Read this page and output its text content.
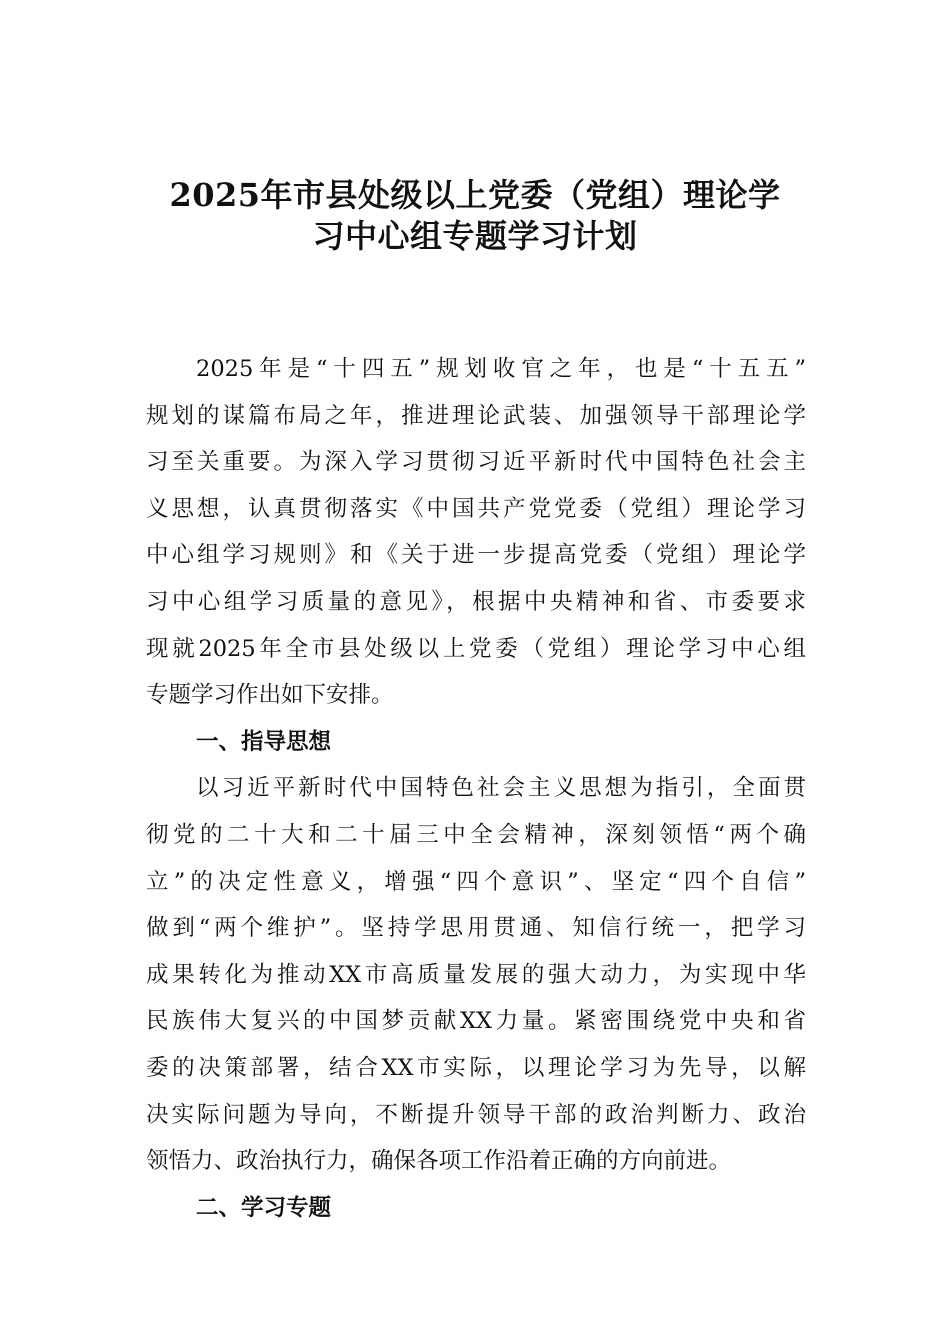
2025年市县处级以上党委（党组）理论学
习中心组专题学习计划
2025年是“十四五”规划收官之年，也是“十五五”
规划的谋篇布局之年，推进理论武装、加强领导干部理论学
习至关重要。为深入学习贯彻习近平新时代中国特色社会主
义思想，认真贯彻落实《中国共产党党委（党组）理论学习
中心组学习规则》和《关于进一步提高党委（党组）理论学
习中心组学习质量的意见》，根据中央精神和省、市委要求
现就2025年全市县处级以上党委（党组）理论学习中心组
专题学习作出如下安排。
一、指导思想
以习近平新时代中国特色社会主义思想为指引，全面贯
彻党的二十大和二十届三中全会精神，深刻领悟“两个确
立”的决定性意义，增强“四个意识”、坚定“四个自信”
做到“两个维护”。坚持学思用贯通、知信行统一，把学习
成果转化为推动XX市高质量发展的强大动力，为实现中华
民族伟大复兴的中国梦贡献XX力量。紧密围绕党中央和省
委的决策部署，结合XX市实际，以理论学习为先导，以解
决实际问题为导向，不断提升领导干部的政治判断力、政治
领悟力、政治执行力，确保各项工作沿着正确的方向前进。
二、学习专题
